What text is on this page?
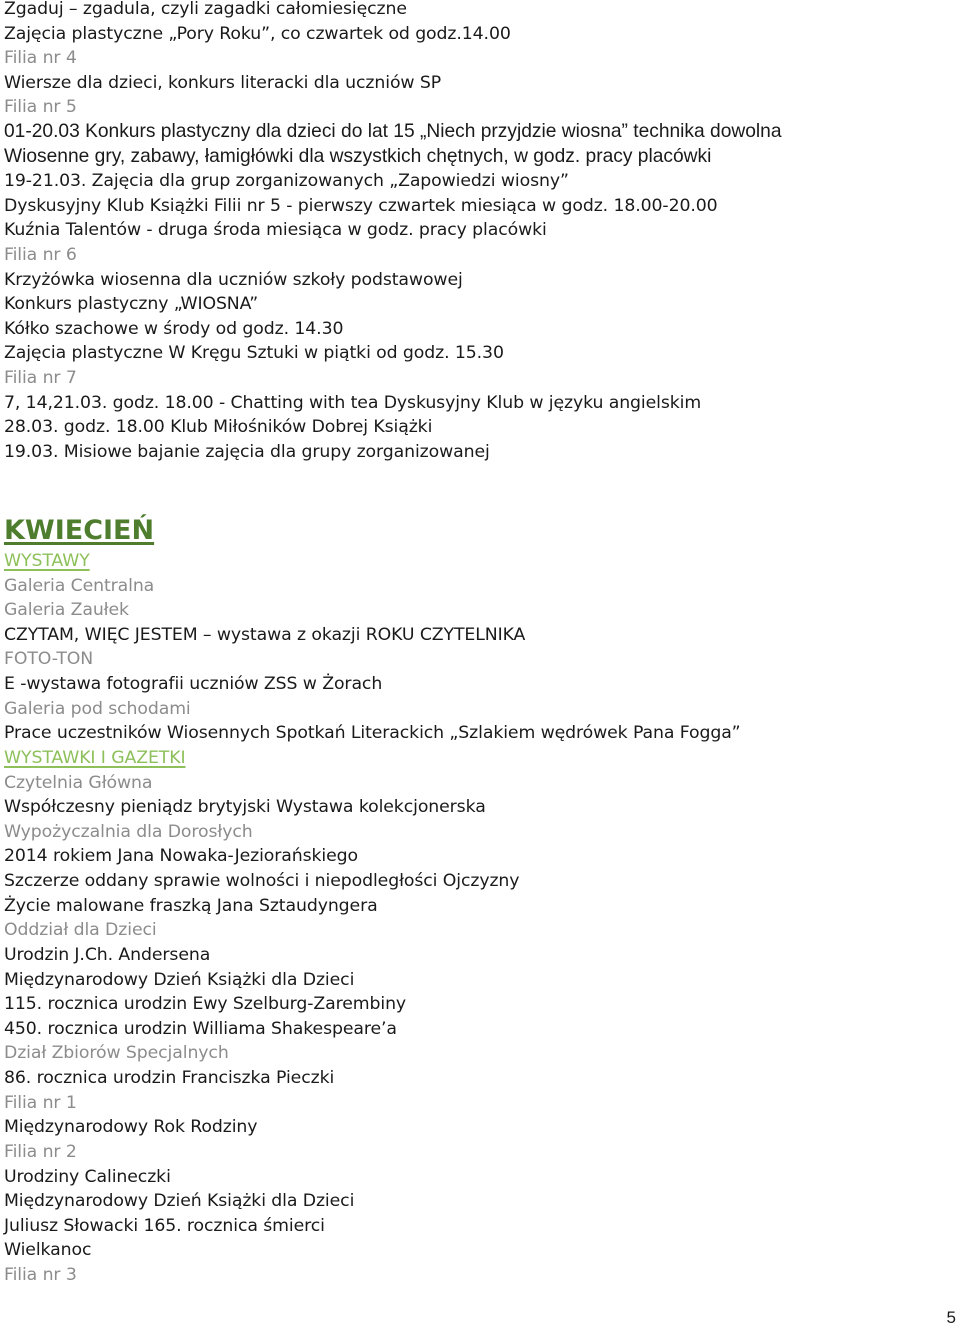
Zgaduj – zgadula, czyli zagadki całomiesięczne
Zajęcia plastyczne „Pory Roku”, co czwartek od godz.14.00
Filia nr 4
Wiersze dla dzieci, konkurs literacki dla uczniów SP
Filia nr 5
01-20.03 Konkurs plastyczny dla dzieci do lat 15 „Niech przyjdzie wiosna” technika dowolna
Wiosenne gry, zabawy, łamigłówki dla wszystkich chętnych, w godz. pracy placówki
19-21.03. Zajęcia dla grup zorganizowanych „Zapowiedzi wiosny”
Dyskusyjny Klub Książki Filii nr 5 - pierwszy czwartek miesiąca w godz. 18.00-20.00
Kuźnia Talentów - druga środa miesiąca w godz. pracy placówki
Filia nr 6
Krzyżówka wiosenna dla uczniów szkoły podstawowej
Konkurs plastyczny „WIOSNA”
Kółko szachowe w środy od godz. 14.30
Zajęcia plastyczne W Kręgu Sztuki w piątki od godz. 15.30
Filia nr 7
7, 14,21.03. godz. 18.00 - Chatting with tea Dyskusyjny Klub w języku angielskim
28.03. godz. 18.00 Klub Miłośników Dobrej Książki
19.03. Misiowe bajanie zajęcia dla grupy zorganizowanej
KWIECIEŃ
WYSTAWY
Galeria Centralna
Galeria Zaułek
CZYTAM, WIĘC JESTEM – wystawa z okazji ROKU CZYTELNIKA
FOTO-TON
E -wystawa fotografii uczniów ZSS w Żorach
Galeria pod schodami
Prace uczestników Wiosennych Spotkań Literackich „Szlakiem wędrówek Pana Fogga”
WYSTAWKI I GAZETKI
Czytelnia Główna
Współczesny pieniądz brytyjski Wystawa kolekcjonerska
Wypożyczalnia dla Dorosłych
2014 rokiem Jana Nowaka-Jeziorańskiego
Szczerze oddany sprawie wolności i niepodległości Ojczyzny
Życie malowane fraszką Jana Sztaudyngera
Oddział dla Dzieci
Urodzin J.Ch. Andersena
Międzynarodowy Dzień Książki dla Dzieci
115. rocznica urodzin Ewy Szelburg-Zarembiny
450. rocznica urodzin Williama Shakespeare’a
Dział Zbiorów Specjalnych
86. rocznica urodzin Franciszka Pieczki
Filia nr 1
Międzynarodowy Rok Rodziny
Filia nr 2
Urodziny Calineczki
Międzynarodowy Dzień Książki dla Dzieci
Juliusz Słowacki 165. rocznica śmierci
Wielkanoc
Filia nr 3
5
